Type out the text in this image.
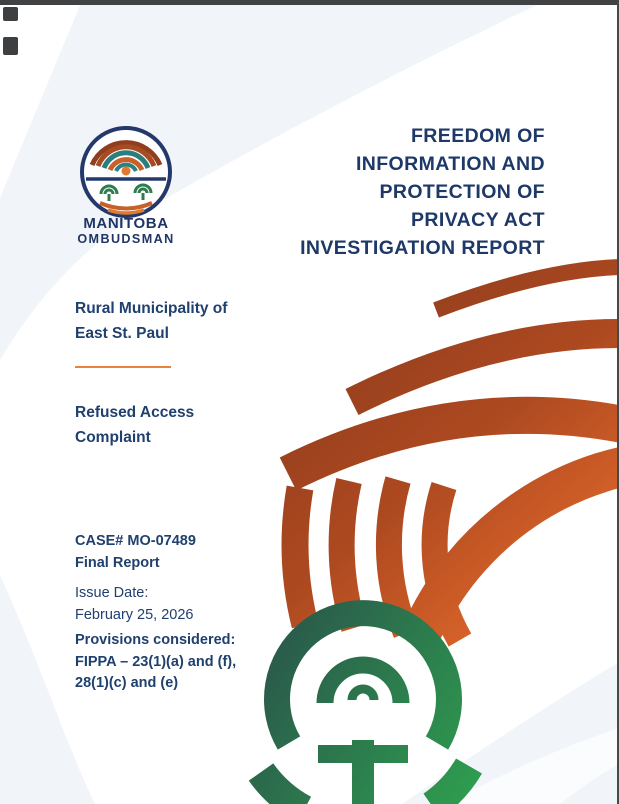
MANITOBA
OMBUDSMAN
FREEDOM OF
INFORMATION AND
PROTECTION OF
PRIVACY ACT
INVESTIGATION REPORT
Rural Municipality of
East St. Paul
Refused Access
Complaint
CASE# MO-07489
Final Report
Issue Date:
February 25, 2026
Provisions considered:
FIPPA – 23(1)(a) and (f),
28(1)(c) and (e)
